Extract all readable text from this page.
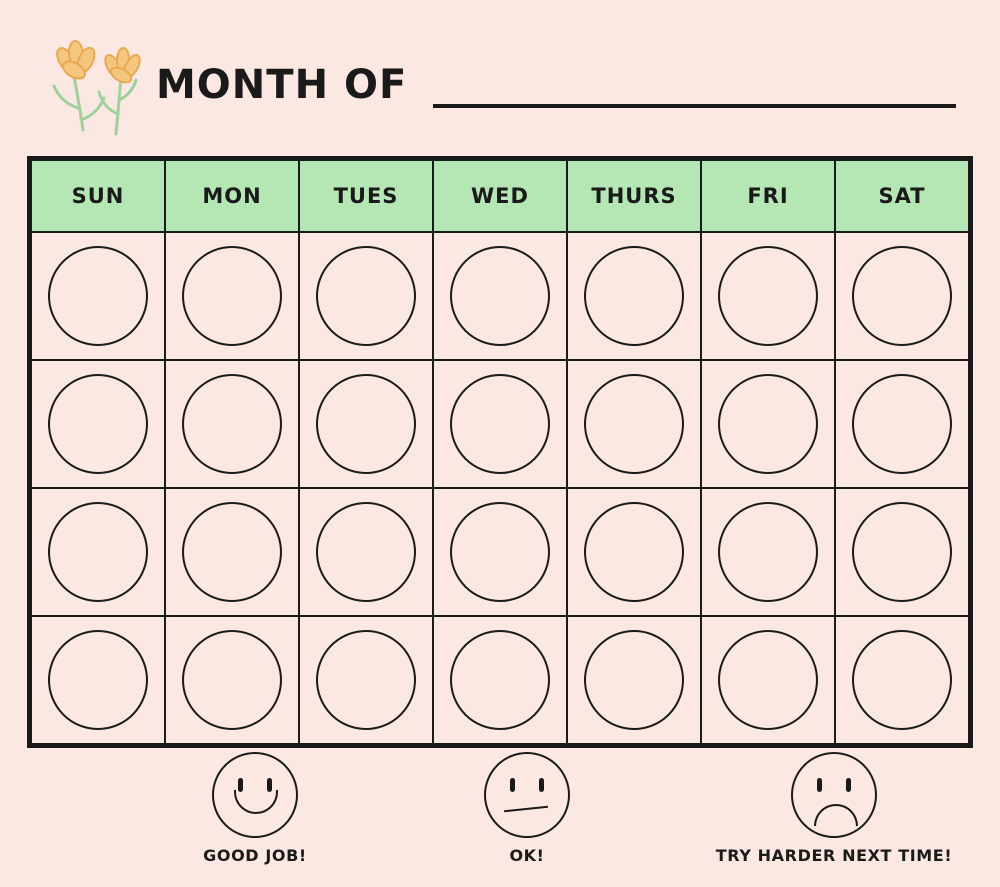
MONTH OF
SUN	MON	TUES	WED	THURS	FRI	SAT

GOOD JOB!	OK!	TRY HARDER NEXT TIME!
